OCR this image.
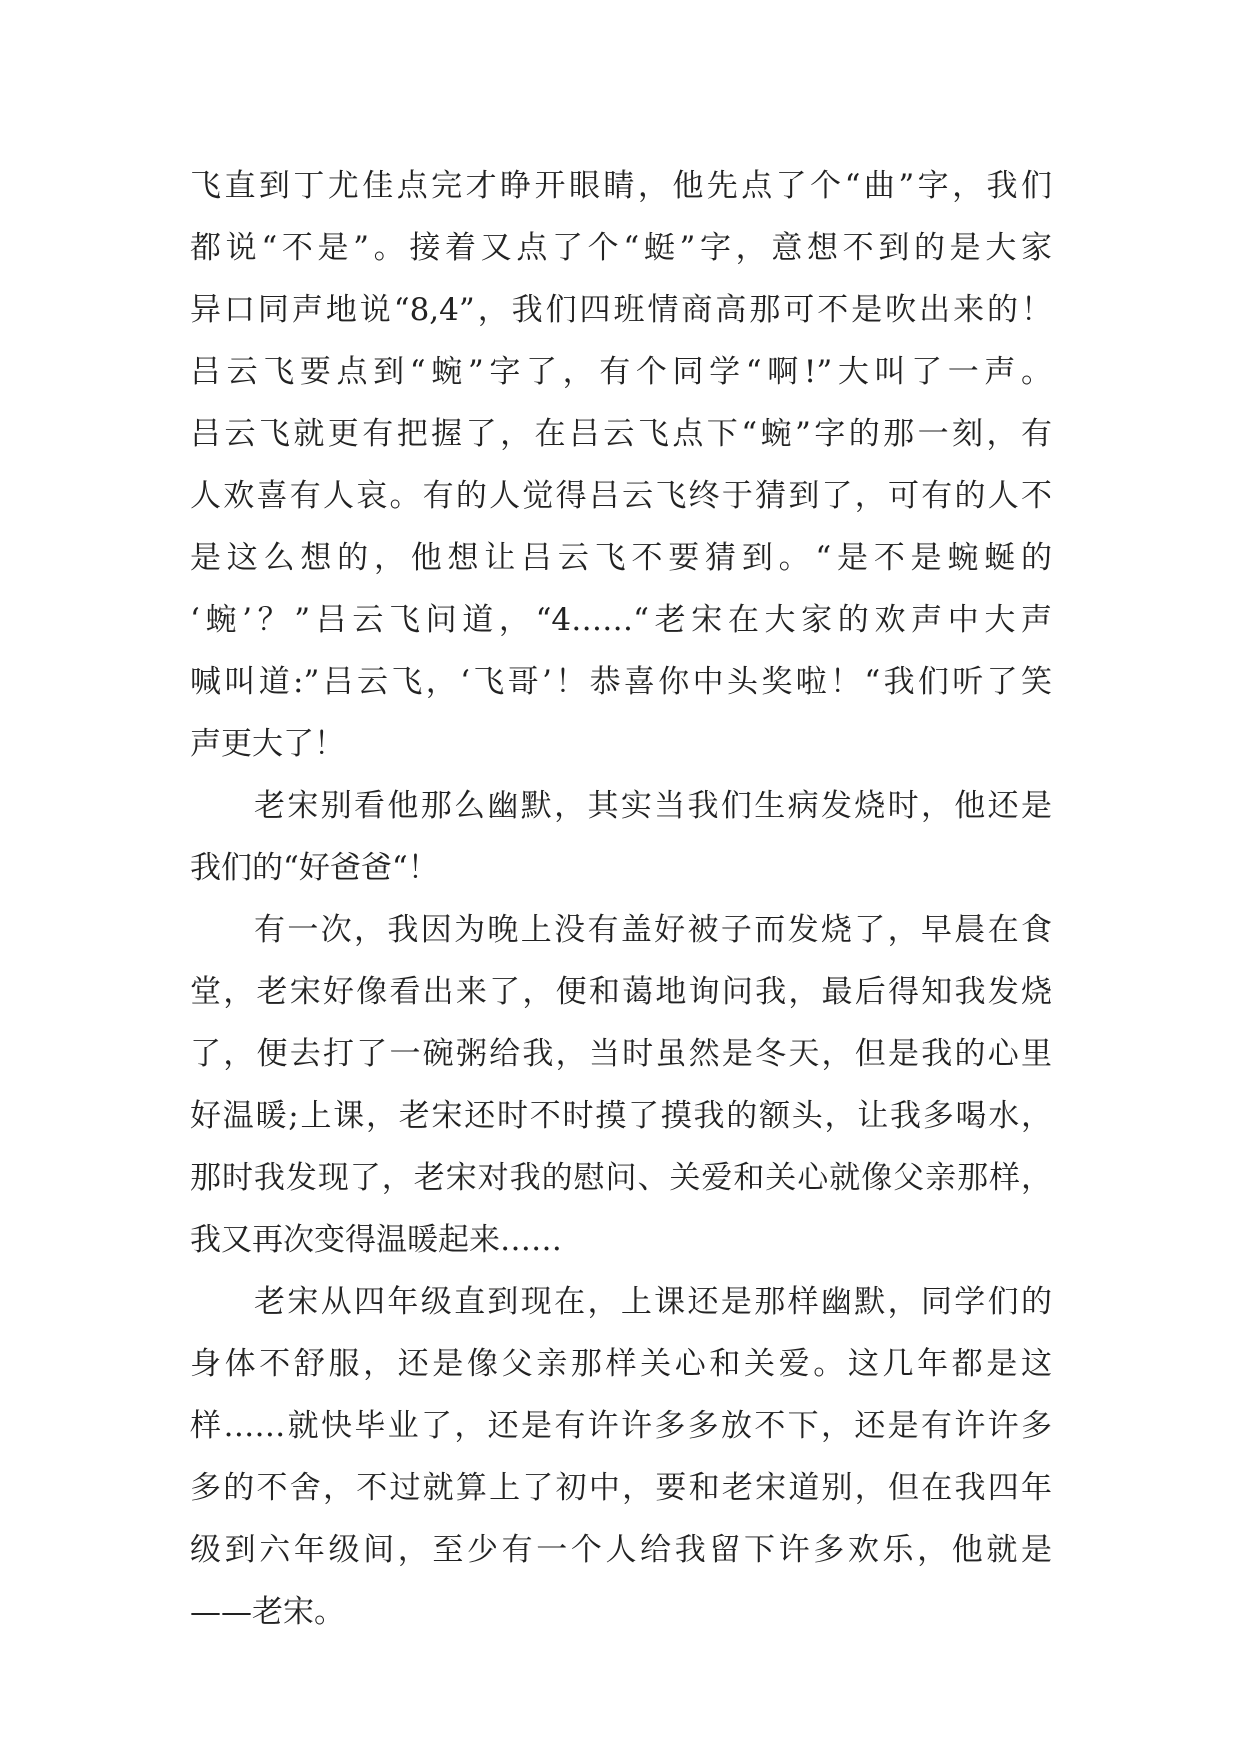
飞直到丁尤佳点完才睁开眼睛，他先点了个“曲”字，我们
都说“不是”。接着又点了个“蜓”字，意想不到的是大家
异口同声地说“8,4”，我们四班情商高那可不是吹出来的！
吕云飞要点到“蜿”字了，有个同学“啊!”大叫了一声。
吕云飞就更有把握了，在吕云飞点下“蜿”字的那一刻，有
人欢喜有人哀。有的人觉得吕云飞终于猜到了，可有的人不
是这么想的，他想让吕云飞不要猜到。“是不是蜿蜒的
‘蜿’？”吕云飞问道，“4……“老宋在大家的欢声中大声
喊叫道:”吕云飞，‘飞哥’！恭喜你中头奖啦！“我们听了笑
声更大了！
老宋别看他那么幽默，其实当我们生病发烧时，他还是
我们的“好爸爸“！
有一次，我因为晚上没有盖好被子而发烧了，早晨在食
堂，老宋好像看出来了，便和蔼地询问我，最后得知我发烧
了，便去打了一碗粥给我，当时虽然是冬天，但是我的心里
好温暖;上课，老宋还时不时摸了摸我的额头，让我多喝水，
那时我发现了，老宋对我的慰问、关爱和关心就像父亲那样，
我又再次变得温暖起来……
老宋从四年级直到现在，上课还是那样幽默，同学们的
身体不舒服，还是像父亲那样关心和关爱。这几年都是这
样……就快毕业了，还是有许许多多放不下，还是有许许多
多的不舍，不过就算上了初中，要和老宋道别，但在我四年
级到六年级间，至少有一个人给我留下许多欢乐，他就是
——老宋。
